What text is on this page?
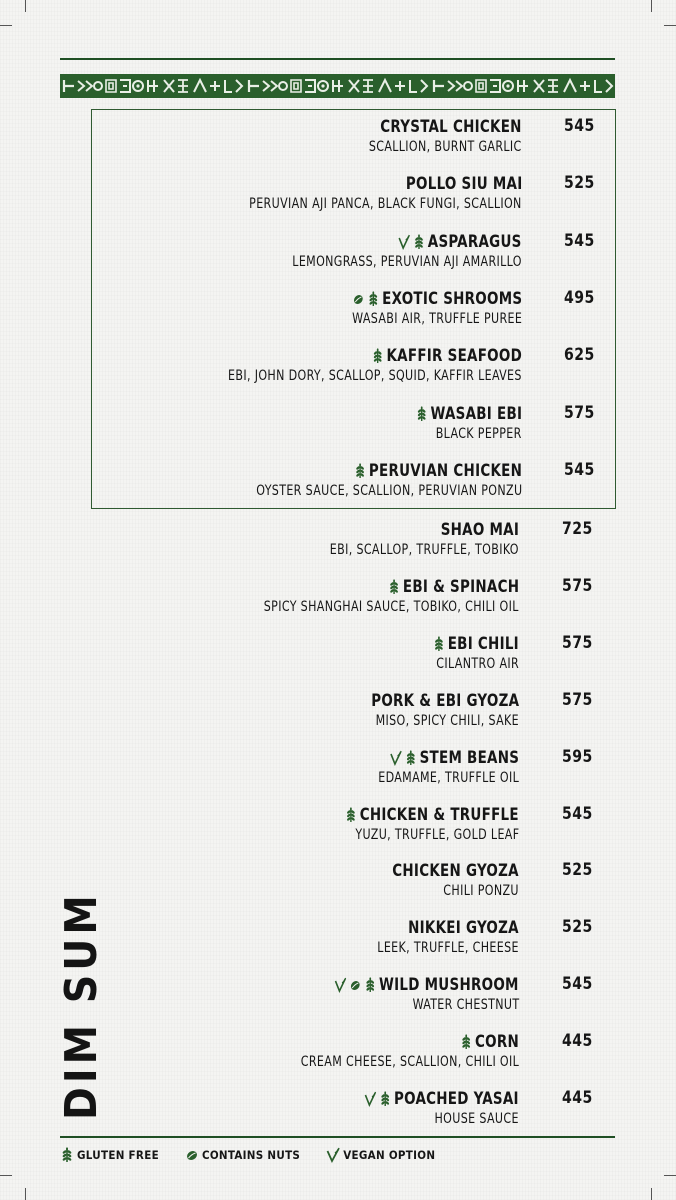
CRYSTAL CHICKEN
SCALLION, BURNT GARLIC
545
POLLO SIU MAI
PERUVIAN AJI PANCA, BLACK FUNGI, SCALLION
525
ASPARAGUS
LEMONGRASS, PERUVIAN AJI AMARILLO
545
EXOTIC SHROOMS
WASABI AIR, TRUFFLE PUREE
495
KAFFIR SEAFOOD
EBI, JOHN DORY, SCALLOP, SQUID, KAFFIR LEAVES
625
WASABI EBI
BLACK PEPPER
575
PERUVIAN CHICKEN
OYSTER SAUCE, SCALLION, PERUVIAN PONZU
545
SHAO MAI
EBI, SCALLOP, TRUFFLE, TOBIKO
725
EBI & SPINACH
SPICY SHANGHAI SAUCE, TOBIKO, CHILI OIL
575
EBI CHILI
CILANTRO AIR
575
PORK & EBI GYOZA
MISO, SPICY CHILI, SAKE
575
STEM BEANS
EDAMAME, TRUFFLE OIL
595
CHICKEN & TRUFFLE
YUZU, TRUFFLE, GOLD LEAF
545
CHICKEN GYOZA
CHILI PONZU
525
NIKKEI GYOZA
LEEK, TRUFFLE, CHEESE
525
WILD MUSHROOM
WATER CHESTNUT
545
CORN
CREAM CHEESE, SCALLION, CHILI OIL
445
POACHED YASAI
HOUSE SAUCE
445
DIM SUM
GLUTEN FREE	CONTAINS NUTS	VEGAN OPTION
